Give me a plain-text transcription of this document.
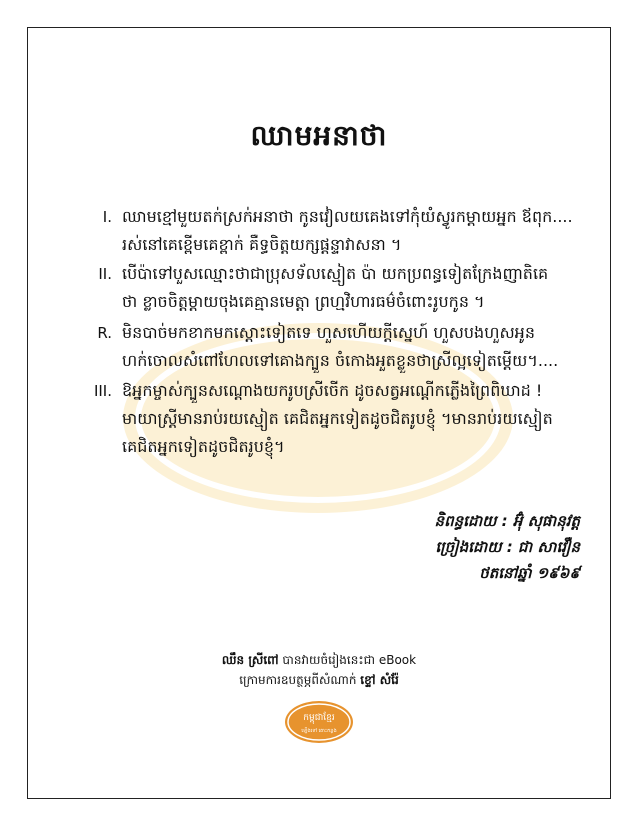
ឈាមអនាថា
I. ឈាមខ្មៅមួយតក់ស្រក់អនាថា កូនវៀលយគេងទៅកុំយំស្វូរកម្ដាយអ្នក ឪពុក....
រស់នៅគេខ្ពើមគេខ្ពាក់ គឺទ្ធចិត្តយក្សផ្ដន្ទាវាសនា ។
II. បើប៉ាទៅបួសឈ្មោះថាជាប្រុសទ័លស្មៀត ប៉ា យកប្រពន្ធទៀតក្រែងញាតិគេ
ថា ខ្លាចចិត្តម្ដាយចុងគេគ្មានមេត្តា ព្រហ្មវិហារធម៌ចំពោះរូបកូន ។
R. មិនបាច់មកខាកមកស្ដោះទៀតទេ ហួសហើយក្ដីស្នេហ៍ ហួសបងហួសអូន
ហក់ចោលសំពៅហែលទៅគោងក្បួន ចំកោងអួតខ្លួនថាស្រីល្អទៀតម្ដើយ។....
III. ឱអ្នកម្ចាស់ក្បួនសណ្ដោងយករូបស្រីចើក ដូចសត្វអណ្ដើកភ្លើងព្រៃពិឃាដ !
មាយាស្ត្រីមានរាប់រយស្មៀត គេជិតអ្នកទៀតដូចជិតរូបខ្ញុំ ។មានរាប់រយស្មៀត
គេជិតអ្នកទៀតដូចជិតរូបខ្ញុំ។
និពន្ធដោយ : អ៊ុំ សុផានុវត្ត
ច្រៀងដោយ : ជា សាវឿន
ថតនៅឆ្នាំ ១៩៦៩
ឈឹន ស្រីពៅ បានវាយចំរៀងនេះជា eBook
ក្រោមការឧបត្ថម្ភពីសំណាក់ ខ្ទៅ សំរ៉ែ
កម្ពុជាខ្មែរ
ឡើងទៅ គោះកន្លង
